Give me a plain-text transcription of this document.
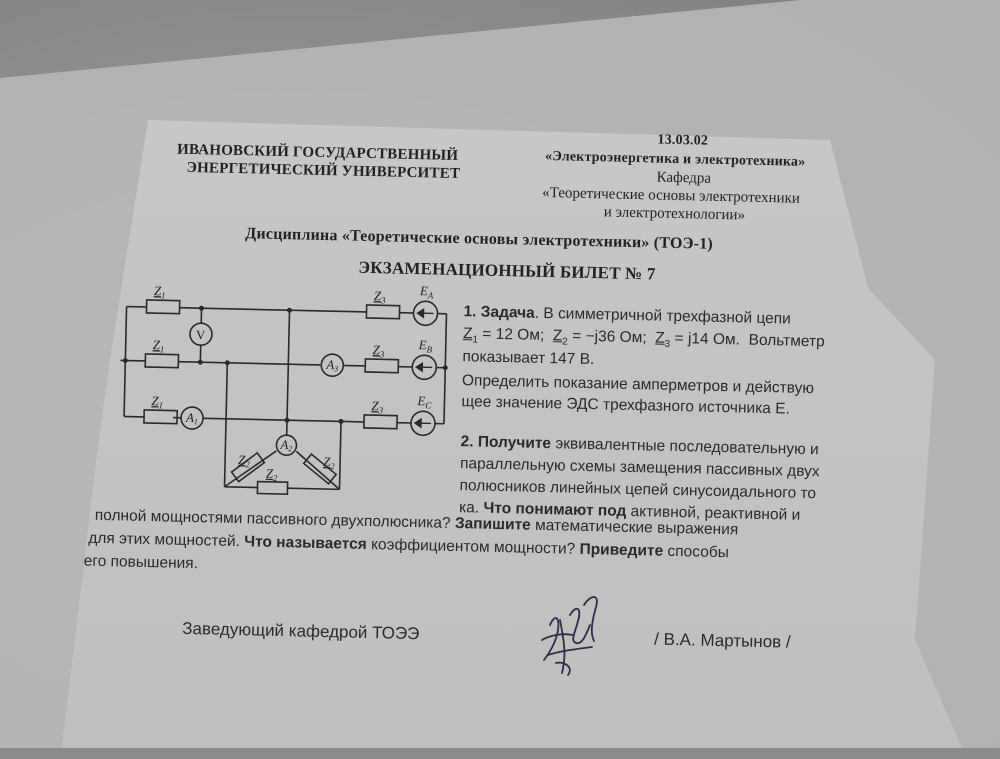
ИВАНОВСКИЙ ГОСУДАРСТВЕННЫЙ
ЭНЕРГЕТИЧЕСКИЙ УНИВЕРСИТЕТ
13.03.02
«Электроэнергетика и электротехника»
Кафедра
«Теоретические основы электротехники
и электротехнологии»
Дисциплина «Теоретические основы электротехники» (ТОЭ-1)
ЭКЗАМЕНАЦИОННЫЙ БИЛЕТ № 7
$Z_1$
$Z_1$
$Z_1$
$Z_3$
$Z_3$
$Z_3$
$E_A$
$E_B$
$E_C$
$Z_2$	$Z_2$
$Z_2$
V
A1
A2
A3
1. Задача. В симметричной трехфазной цепи
$Z_1 = 12$ Ом; $Z_2 = -j36$ Ом; $Z_3 = j14$ Ом. Вольтметр
показывает 147 В.
Определить показание амперметров и действую
щее значение ЭДС трехфазного источника Е.
2. Получите эквивалентные последовательную и
параллельную схемы замещения пассивных двух
полюсников линейных цепей синусоидального то
ка. Что понимают под активной, реактивной и
полной мощностями пассивного двухполюсника? Запишите математические выражения
для этих мощностей. Что называется коэффициентом мощности? Приведите способы
его повышения.
Заведующий кафедрой ТОЭЭ	/ В.А. Мартынов /
